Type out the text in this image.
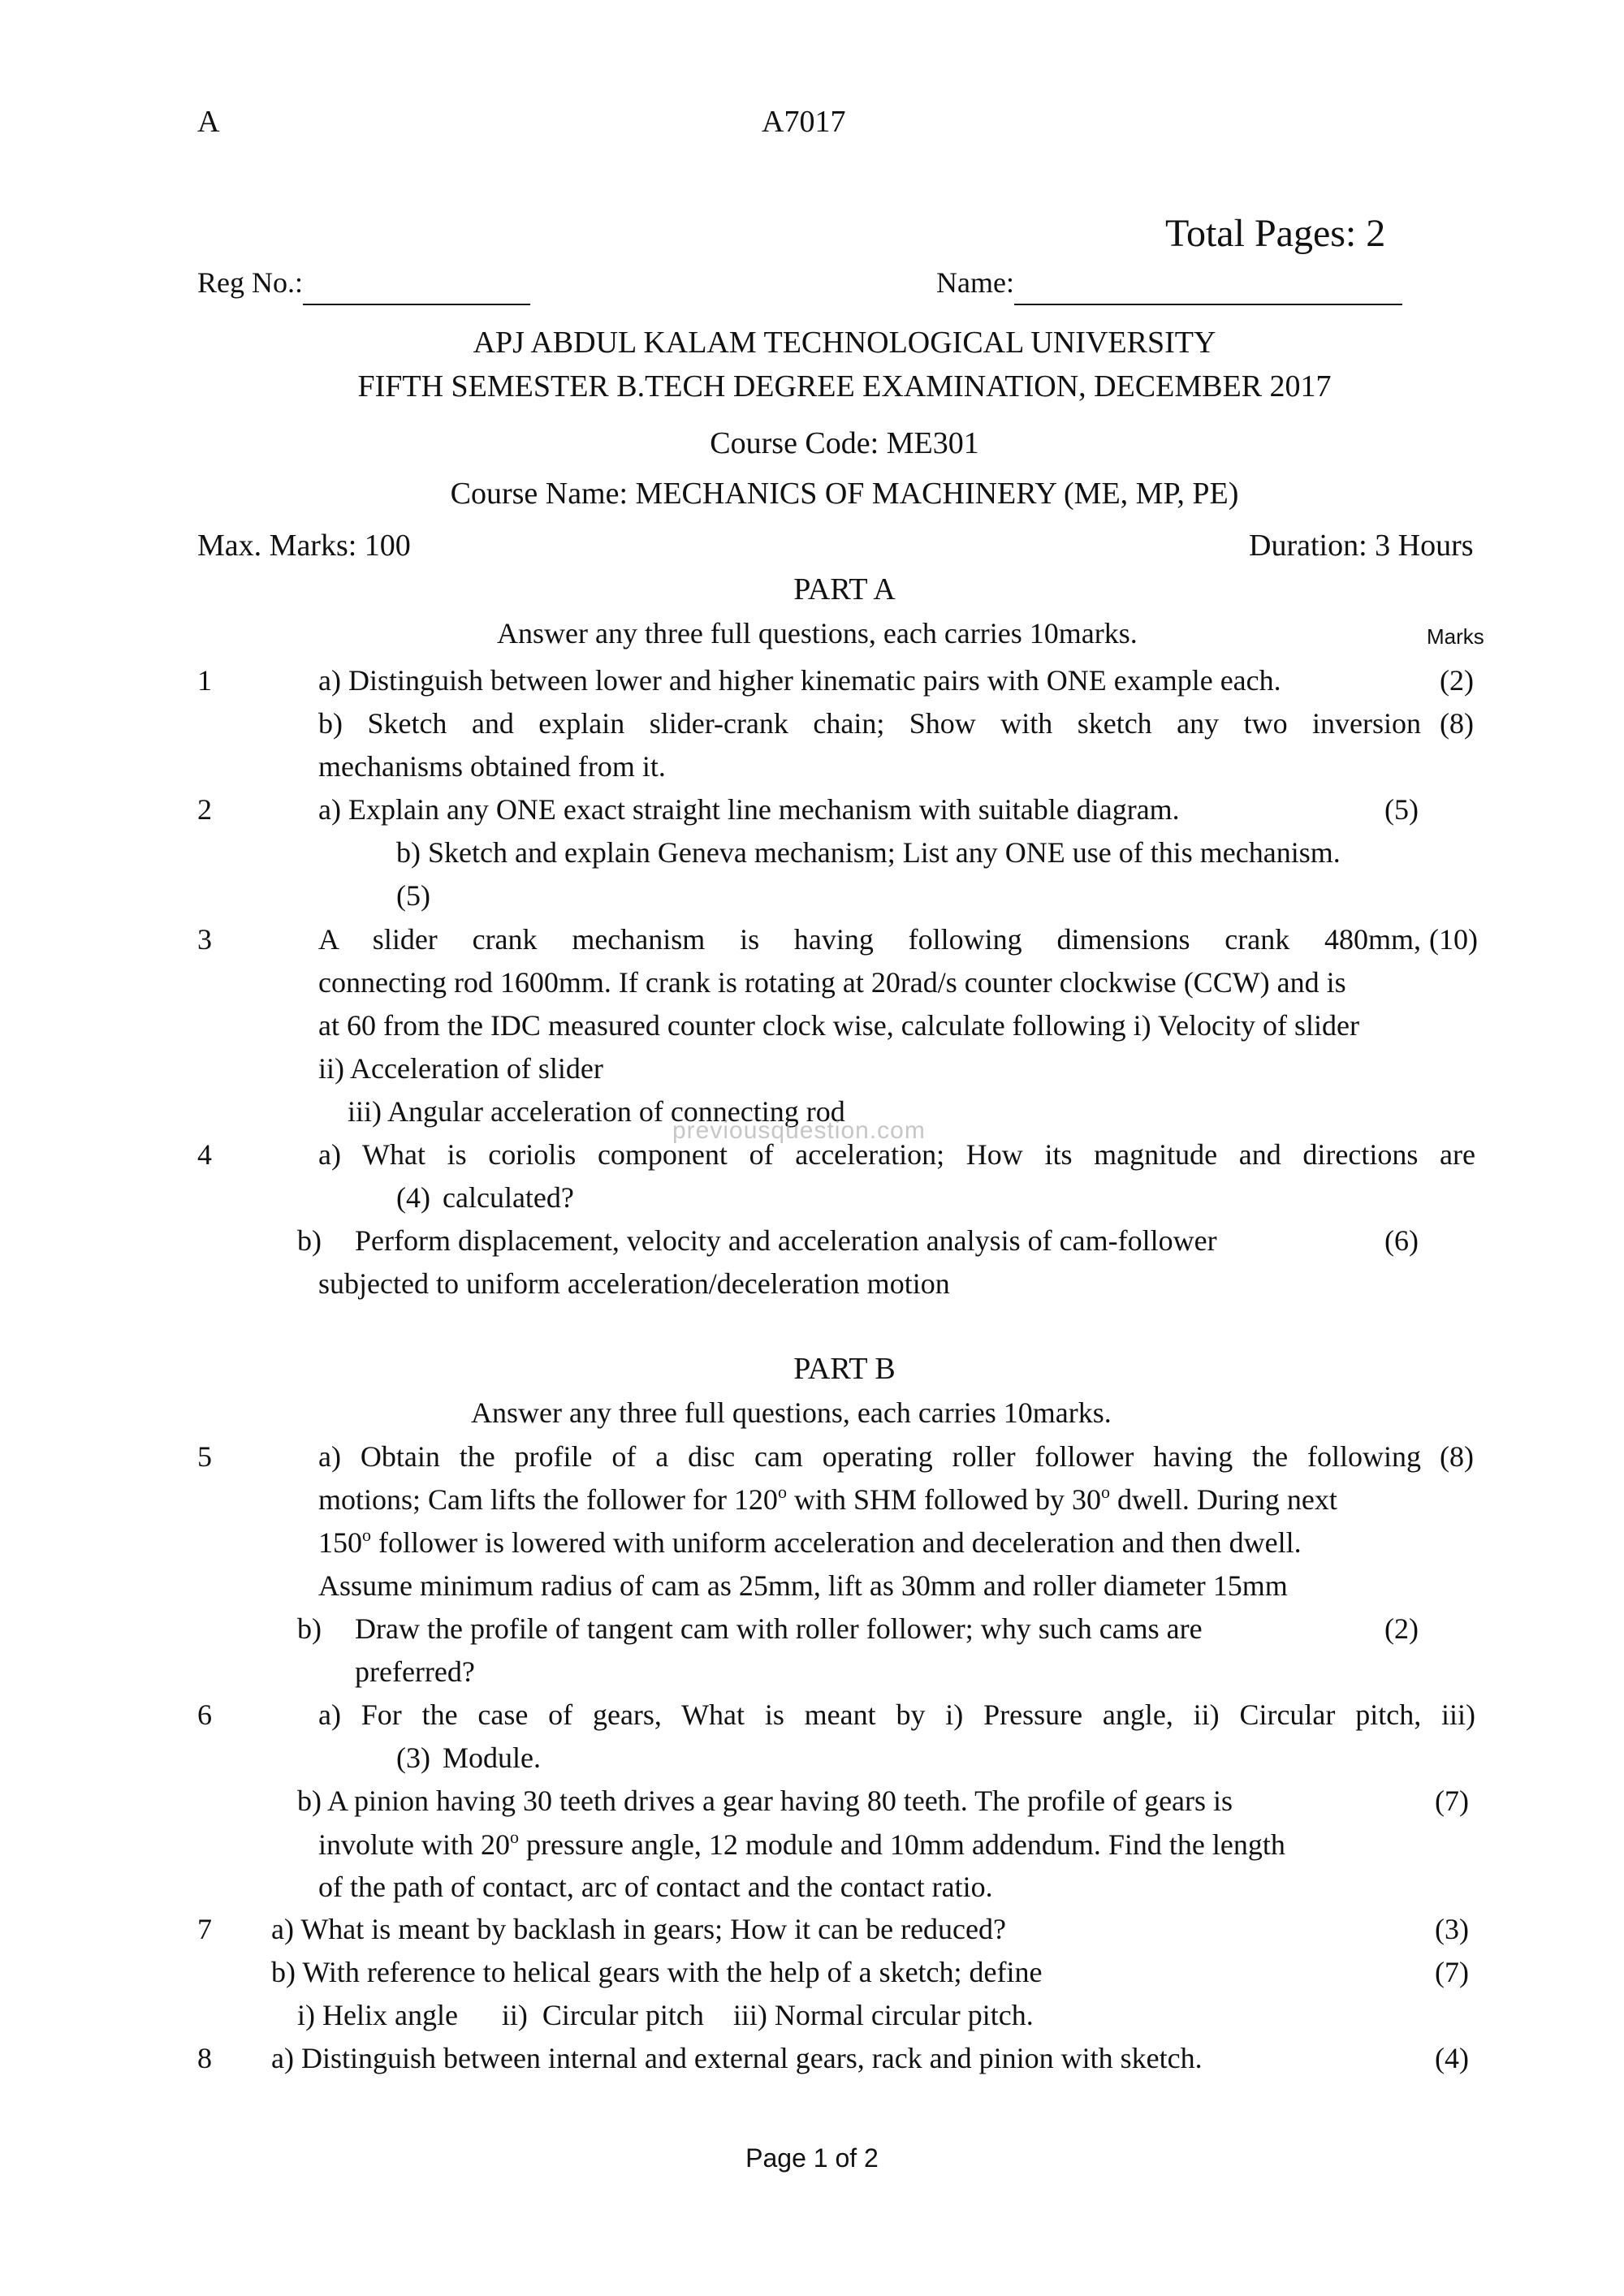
A	A7017
Total Pages: 2
Reg No.:	Name:
APJ ABDUL KALAM TECHNOLOGICAL UNIVERSITY
FIFTH SEMESTER B.TECH DEGREE EXAMINATION, DECEMBER 2017
Course Code: ME301
Course Name: MECHANICS OF MACHINERY (ME, MP, PE)
Max. Marks: 100	Duration: 3 Hours
PART A
Answer any three full questions, each carries 10marks.	Marks
1	a) Distinguish between lower and higher kinematic pairs with ONE example each.	(2)
b) Sketch and explain slider-crank chain; Show with sketch any two inversion (8)
mechanisms obtained from it.
2	a) Explain any ONE exact straight line mechanism with suitable diagram.	(5)
b) Sketch and explain Geneva mechanism; List any ONE use of this mechanism.
(5)
3	A slider crank mechanism is having following dimensions crank 480mm, (10)
connecting rod 1600mm. If crank is rotating at 20rad/s counter clockwise (CCW) and is
at 60 from the IDC measured counter clock wise, calculate following i) Velocity of slider
ii) Acceleration of slider
iii) Angular acceleration of connecting rod
4	a) What is coriolis component of acceleration; How its magnitude and directions are
(4) calculated?
b) Perform displacement, velocity and acceleration analysis of cam-follower	(6)
subjected to uniform acceleration/deceleration motion
PART B
Answer any three full questions, each carries 10marks.
5	a) Obtain the profile of a disc cam operating roller follower having the following (8)
motions; Cam lifts the follower for 120$^o$ with SHM followed by 30$^o$ dwell. During next
150$^o$ follower is lowered with uniform acceleration and deceleration and then dwell.
Assume minimum radius of cam as 25mm, lift as 30mm and roller diameter 15mm
b) Draw the profile of tangent cam with roller follower; why such cams are	(2)
preferred?
6	a) For the case of gears, What is meant by i) Pressure angle, ii) Circular pitch, iii)
(3) Module.
b) A pinion having 30 teeth drives a gear having 80 teeth. The profile of gears is	(7)
involute with 20$^o$ pressure angle, 12 module and 10mm addendum. Find the length
of the path of contact, arc of contact and the contact ratio.
7 a) What is meant by backlash in gears; How it can be reduced?	(3)
b) With reference to helical gears with the help of a sketch; define	(7)
i) Helix angle      ii)  Circular pitch    iii) Normal circular pitch.
8 a) Distinguish between internal and external gears, rack and pinion with sketch.	(4)
Page 1 of 2
previousquestion.com
